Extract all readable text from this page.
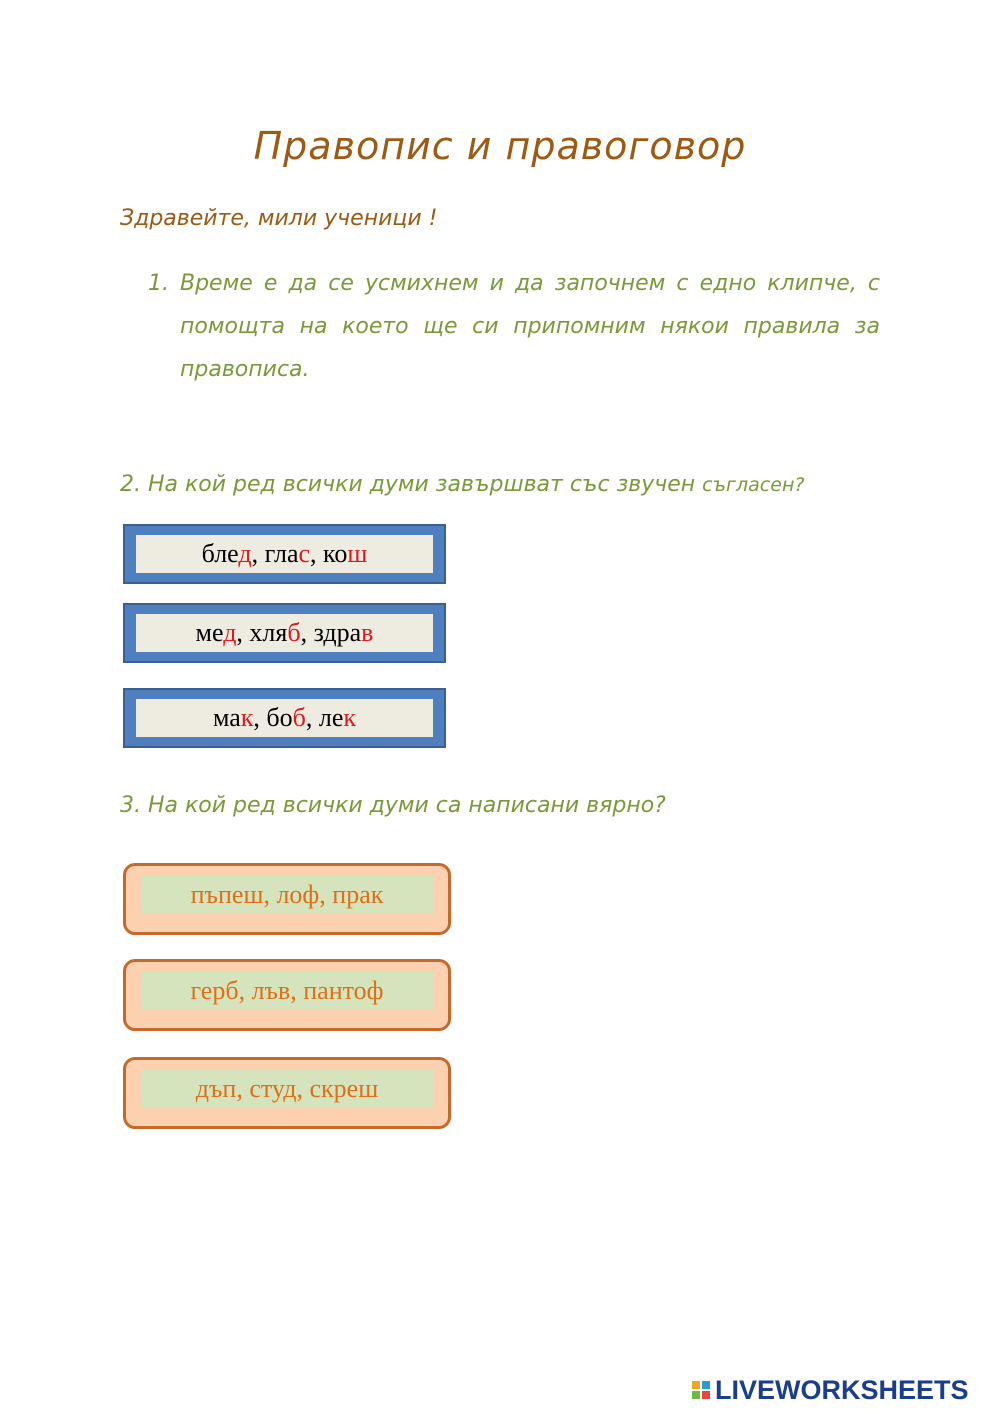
Правопис и правоговор
Здравейте, мили ученици !
1. Време е да се усмихнем и да започнем с едно клипче, с помощта на което ще си припомним някои правила за правописа.
2. На кой ред всички думи завършват със звучен съгласен?
блед, глас, кош
мед, хляб, здрав
мак, боб, лек
3. На кой ред всички думи са написани вярно?
пъпеш, лоф, прак
герб, лъв, пантоф
дъп, студ, скреш
LIVEWORKSHEETS
